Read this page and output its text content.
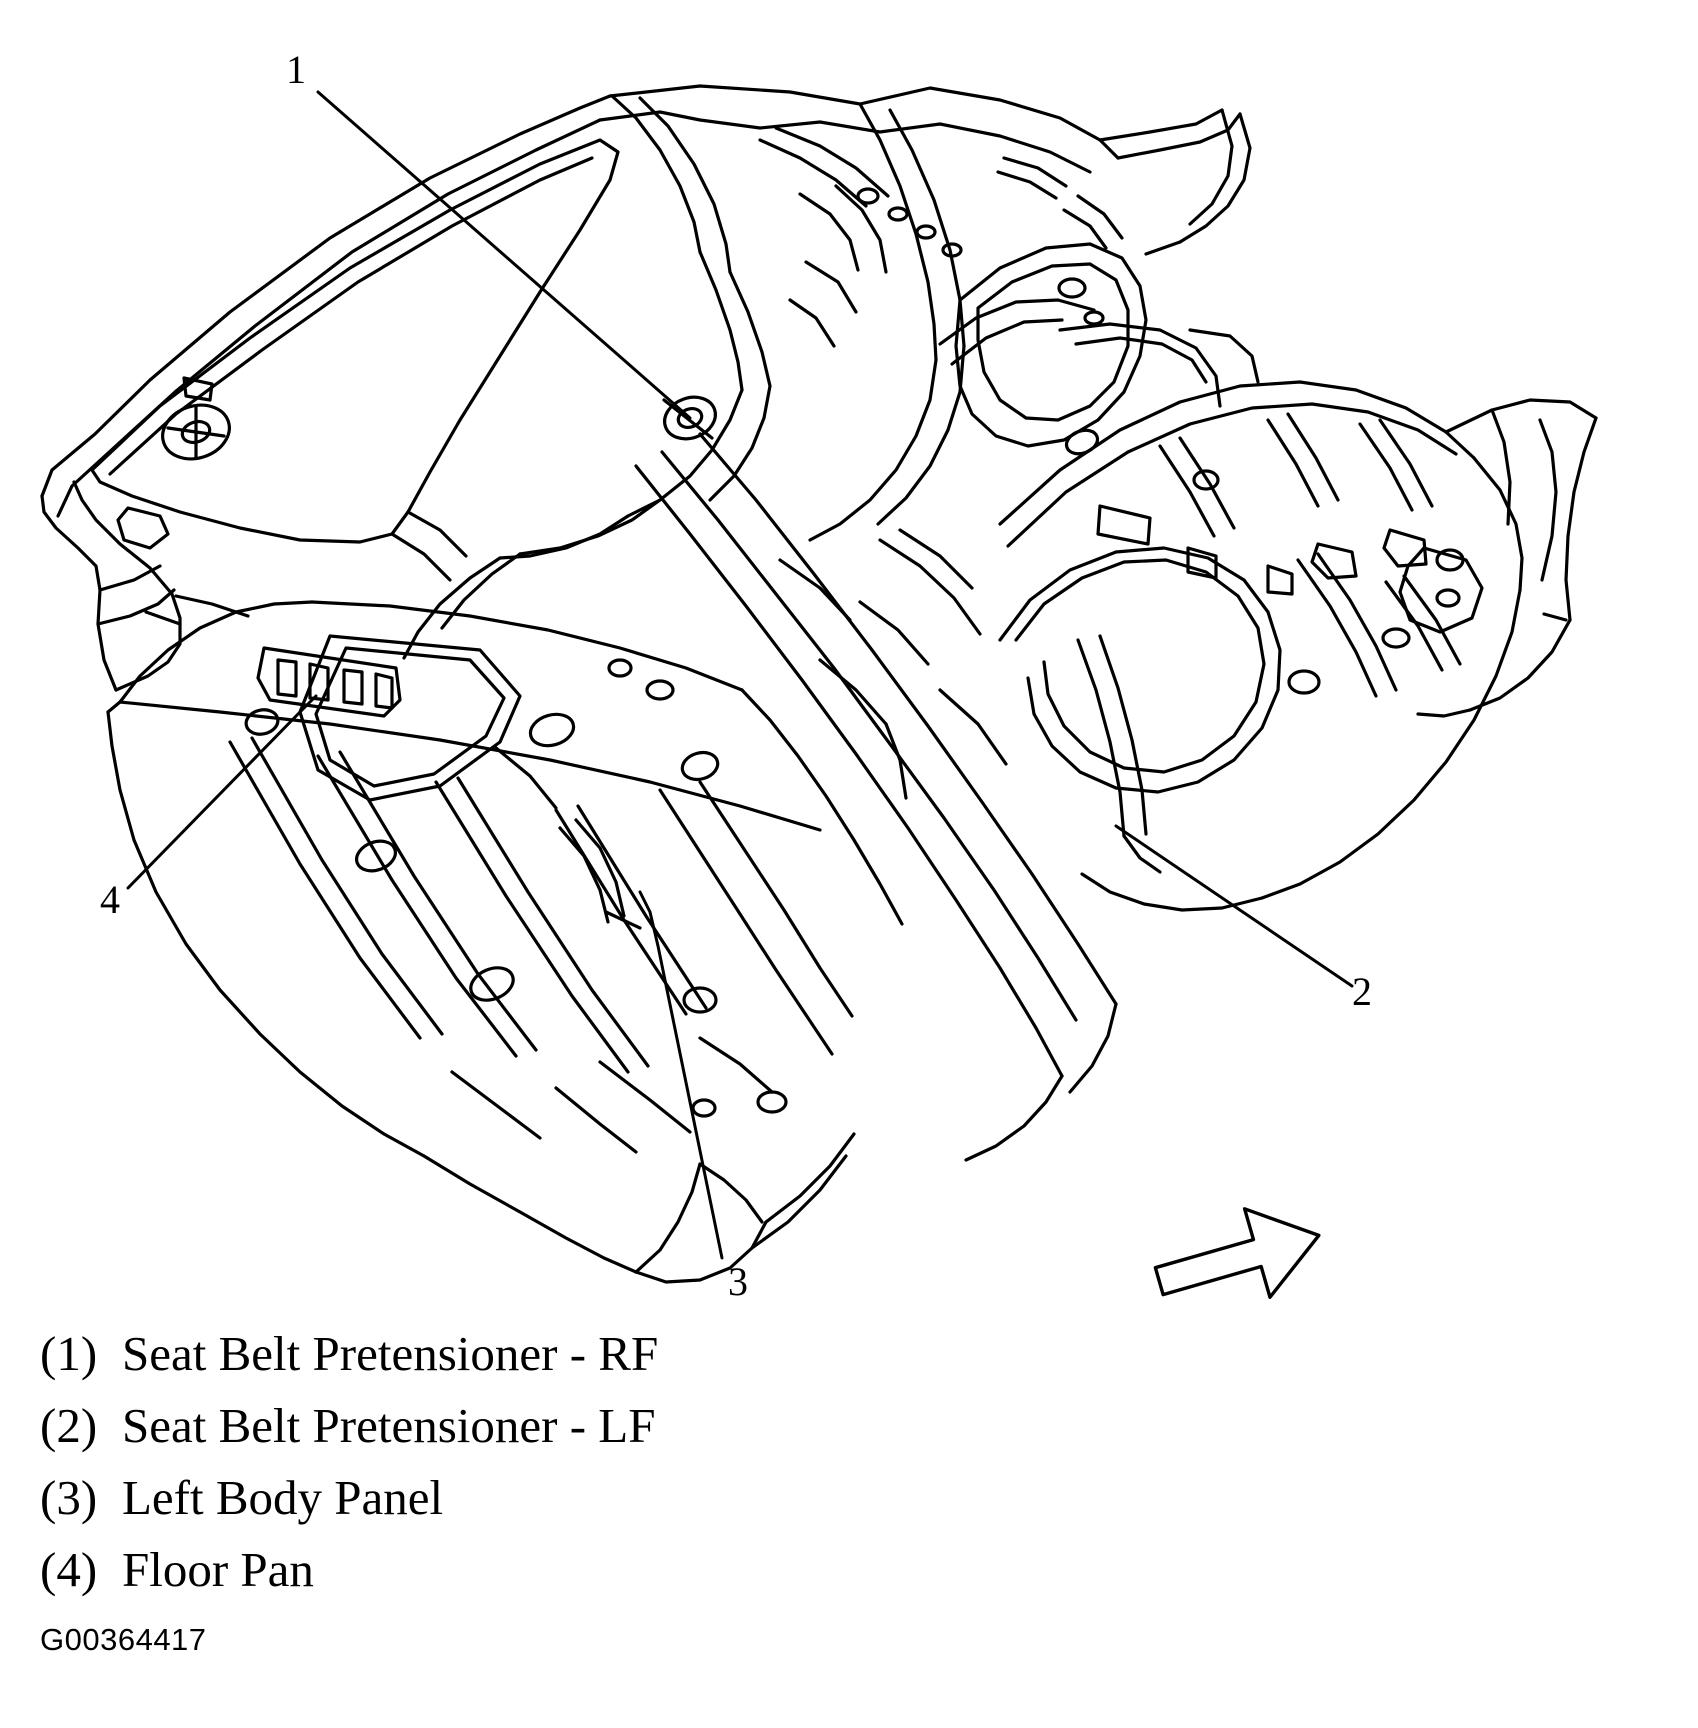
1
2
3
4
(1) Seat Belt Pretensioner - RF
(2) Seat Belt Pretensioner - LF
(3) Left Body Panel
(4) Floor Pan
G00364417
